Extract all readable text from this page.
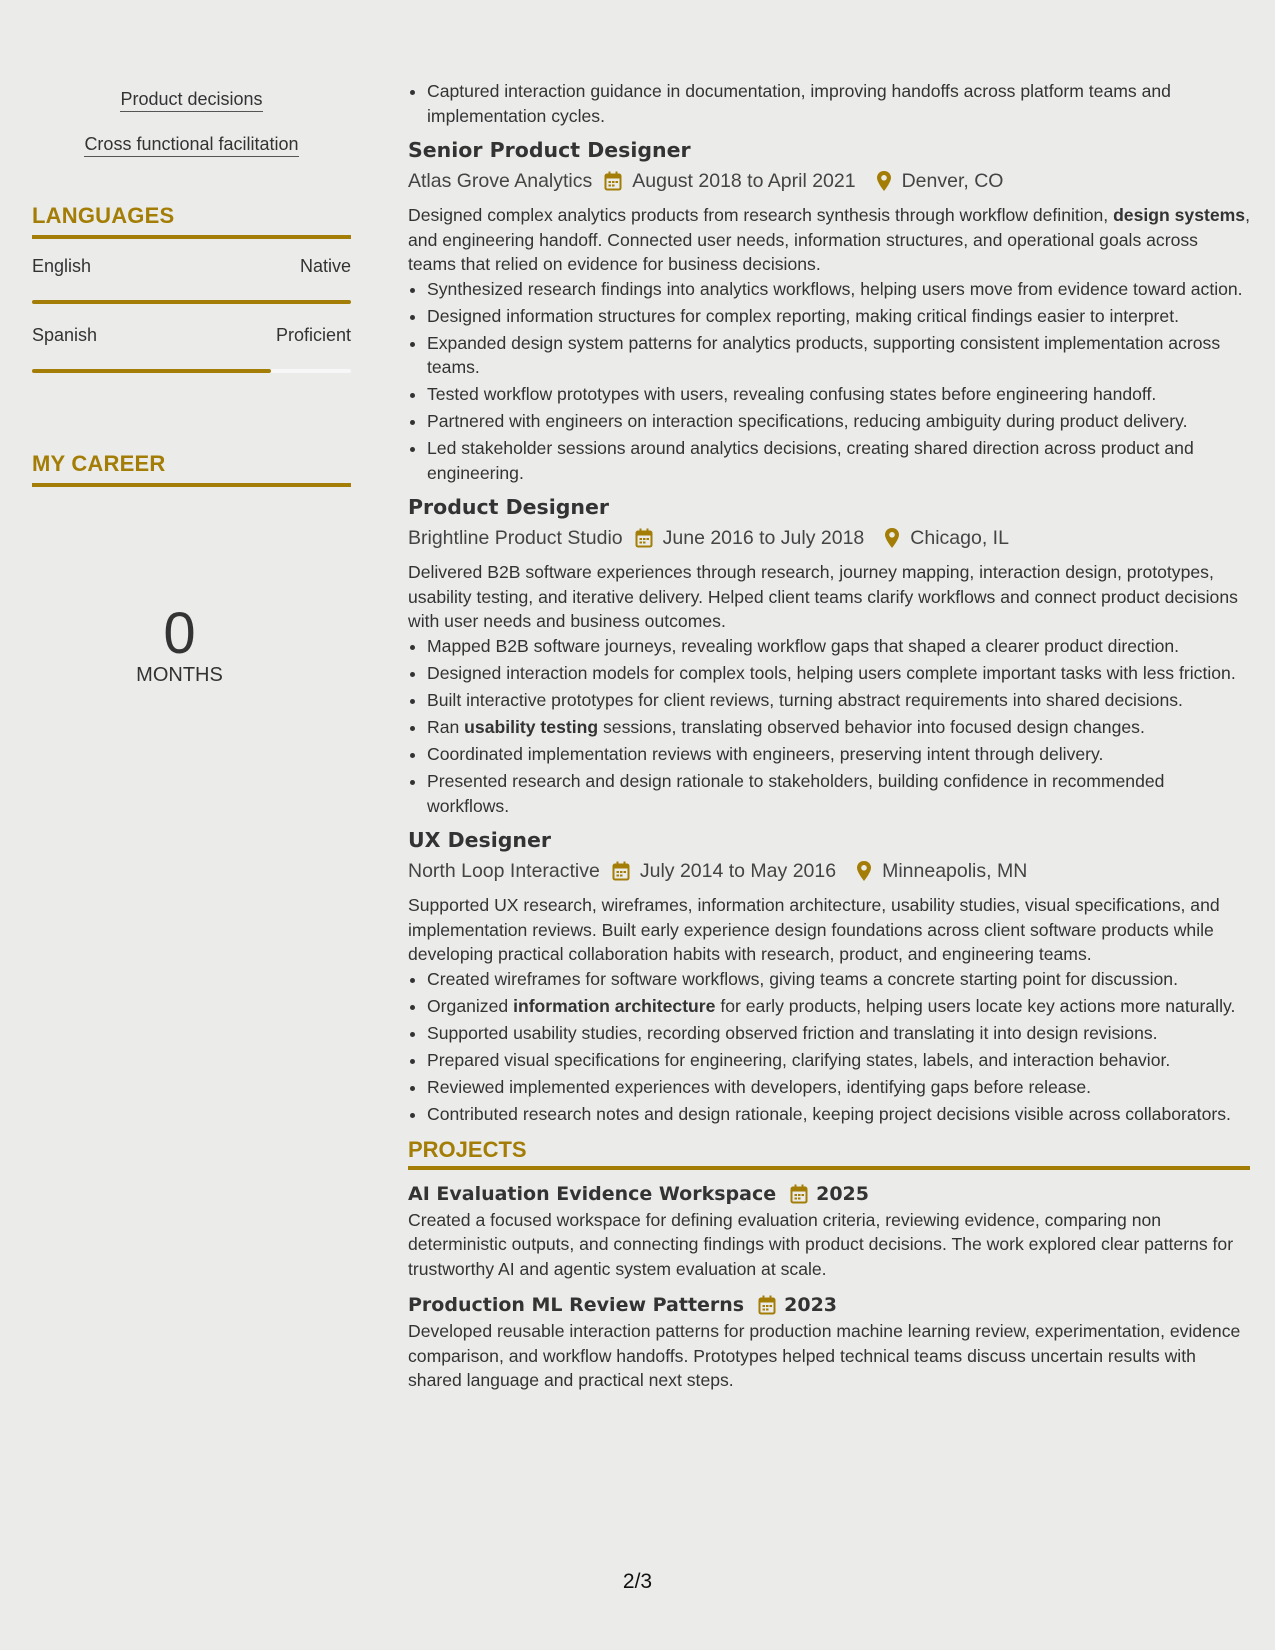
Product decisions
Cross functional facilitation
LANGUAGES
English	Native
Spanish	Proficient
MY CAREER
0
MONTHS
• Captured interaction guidance in documentation, improving handoffs across platform teams and implementation cycles.
Senior Product Designer
Atlas Grove Analytics August 2018 to April 2021 Denver, CO
Designed complex analytics products from research synthesis through workflow definition, design systems, and engineering handoff. Connected user needs, information structures, and operational goals across teams that relied on evidence for business decisions.
• Synthesized research findings into analytics workflows, helping users move from evidence toward action.
• Designed information structures for complex reporting, making critical findings easier to interpret.
• Expanded design system patterns for analytics products, supporting consistent implementation across teams.
• Tested workflow prototypes with users, revealing confusing states before engineering handoff.
• Partnered with engineers on interaction specifications, reducing ambiguity during product delivery.
• Led stakeholder sessions around analytics decisions, creating shared direction across product and engineering.
Product Designer
Brightline Product Studio June 2016 to July 2018 Chicago, IL
Delivered B2B software experiences through research, journey mapping, interaction design, prototypes, usability testing, and iterative delivery. Helped client teams clarify workflows and connect product decisions with user needs and business outcomes.
• Mapped B2B software journeys, revealing workflow gaps that shaped a clearer product direction.
• Designed interaction models for complex tools, helping users complete important tasks with less friction.
• Built interactive prototypes for client reviews, turning abstract requirements into shared decisions.
• Ran usability testing sessions, translating observed behavior into focused design changes.
• Coordinated implementation reviews with engineers, preserving intent through delivery.
• Presented research and design rationale to stakeholders, building confidence in recommended workflows.
UX Designer
North Loop Interactive July 2014 to May 2016 Minneapolis, MN
Supported UX research, wireframes, information architecture, usability studies, visual specifications, and implementation reviews. Built early experience design foundations across client software products while developing practical collaboration habits with research, product, and engineering teams.
• Created wireframes for software workflows, giving teams a concrete starting point for discussion.
• Organized information architecture for early products, helping users locate key actions more naturally.
• Supported usability studies, recording observed friction and translating it into design revisions.
• Prepared visual specifications for engineering, clarifying states, labels, and interaction behavior.
• Reviewed implemented experiences with developers, identifying gaps before release.
• Contributed research notes and design rationale, keeping project decisions visible across collaborators.
PROJECTS
AI Evaluation Evidence Workspace 2025
Created a focused workspace for defining evaluation criteria, reviewing evidence, comparing non deterministic outputs, and connecting findings with product decisions. The work explored clear patterns for trustworthy AI and agentic system evaluation at scale.
Production ML Review Patterns 2023
Developed reusable interaction patterns for production machine learning review, experimentation, evidence comparison, and workflow handoffs. Prototypes helped technical teams discuss uncertain results with shared language and practical next steps.
2/3
